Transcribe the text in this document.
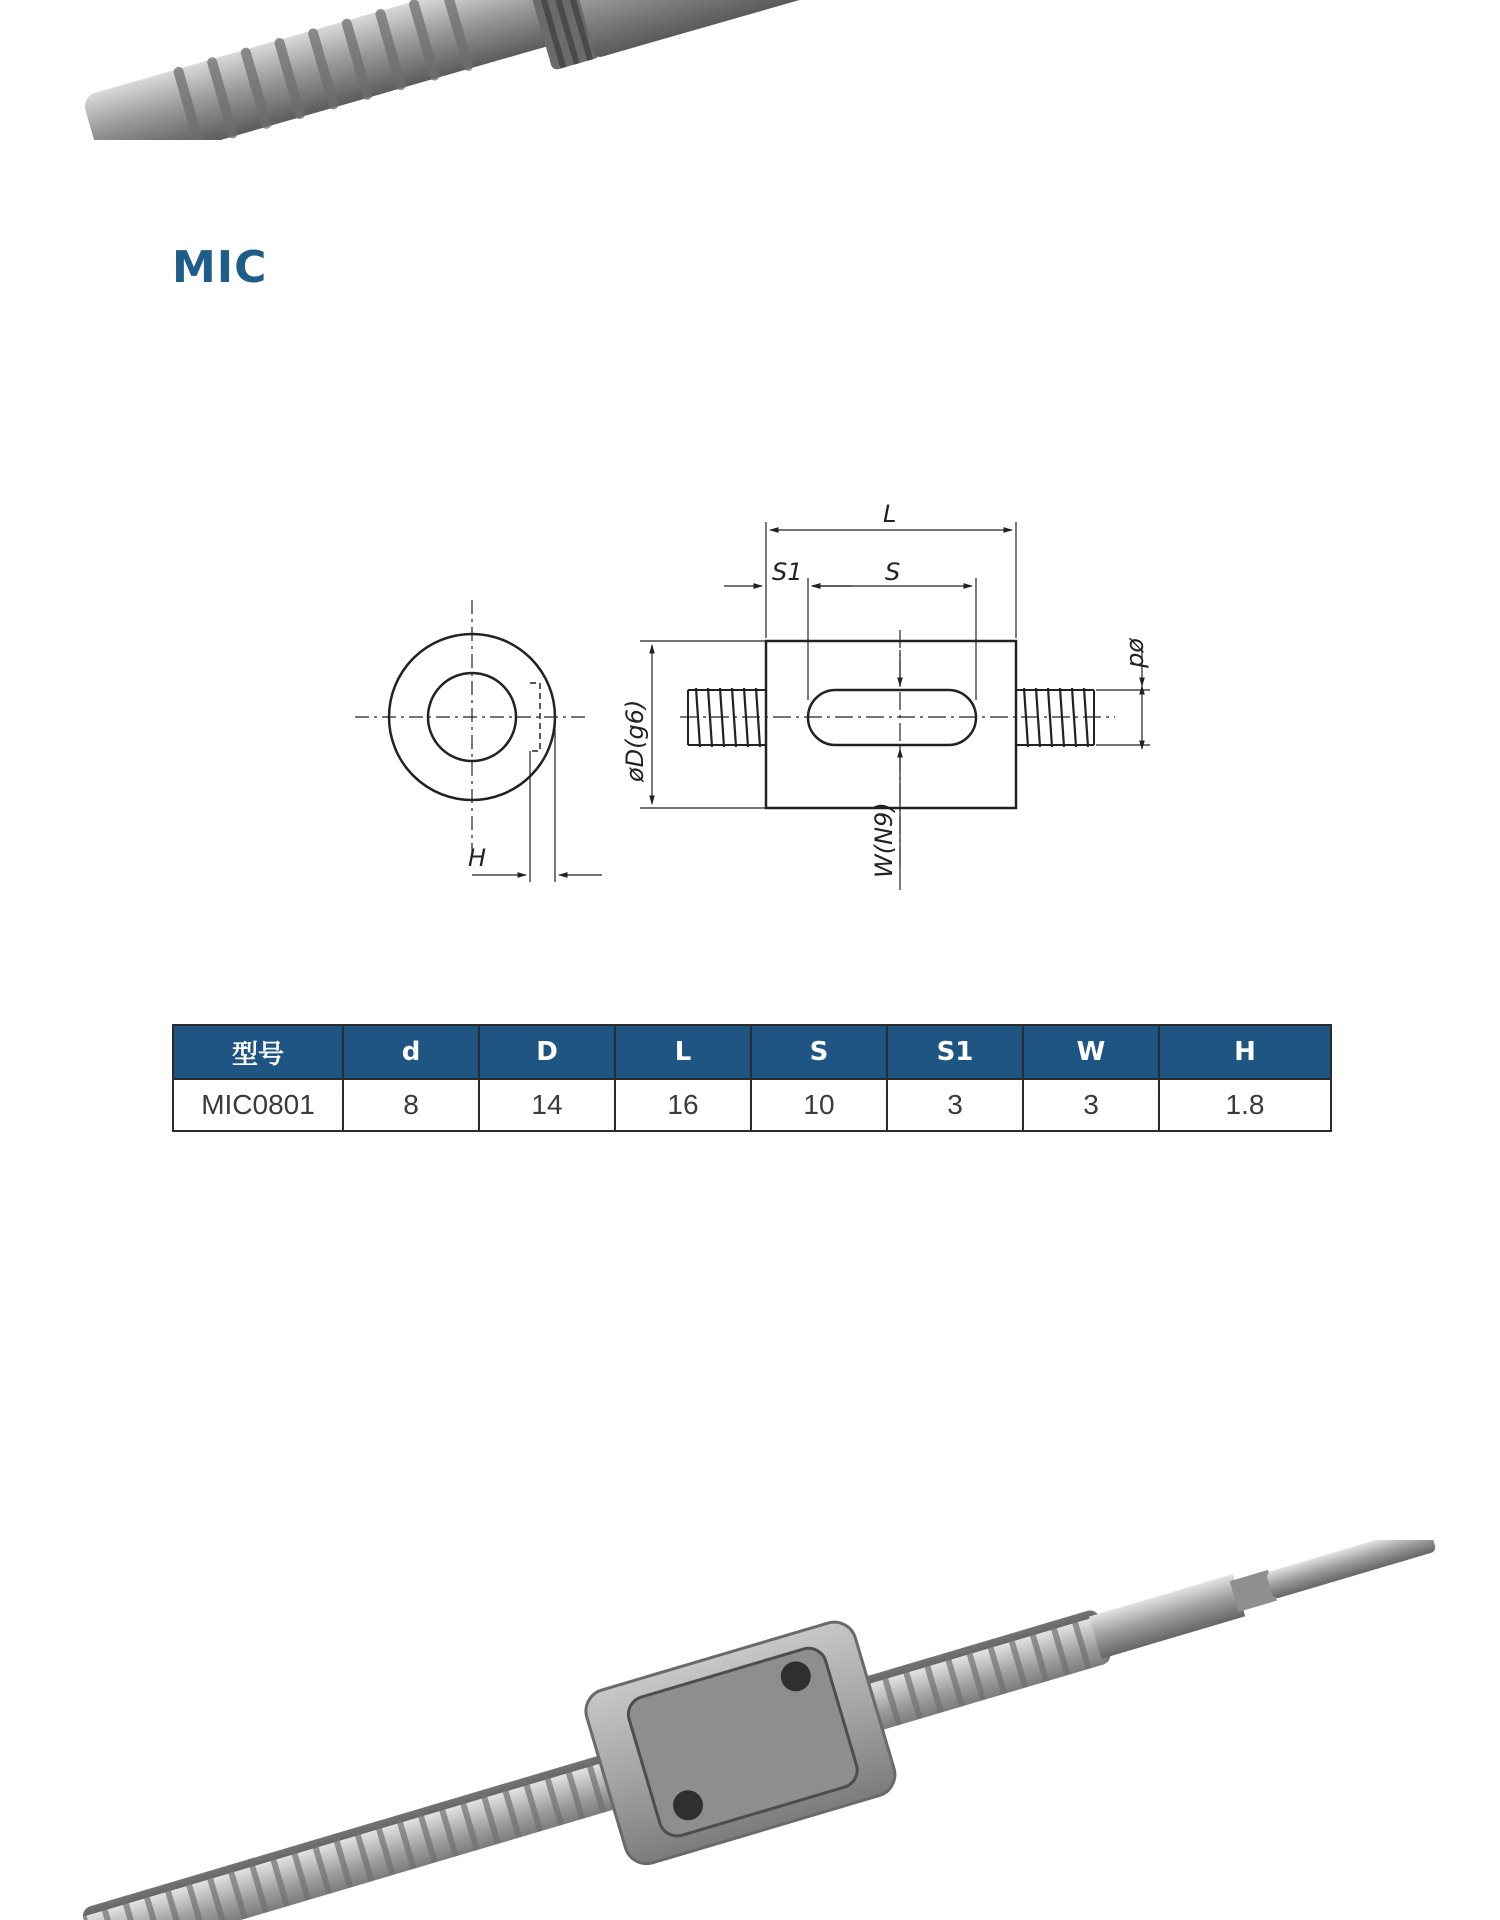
MIC
H
L
S1	S
øD(g6)
ød
W(N9)
型号	d	D	L	S	S1	W	H
MIC0801	8	14	16	10	3	3	1.8
